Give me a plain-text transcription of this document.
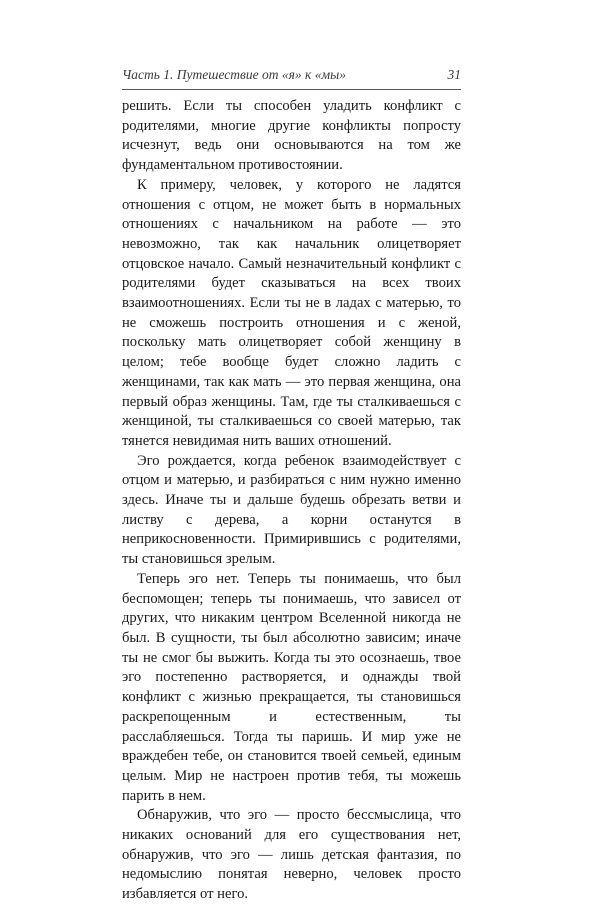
Часть 1. Путешествие от «я» к «мы»	31

решить. Если ты способен уладить конфликт с родителями, многие другие конфликты попросту исчезнут, ведь они основываются на том же фундаментальном противостоянии.

К примеру, человек, у которого не ладятся отношения с отцом, не может быть в нормальных отношениях с начальником на работе — это невозможно, так как начальник олицетворяет отцовское начало. Самый незначительный конфликт с родителями будет сказываться на всех твоих взаимоотношениях. Если ты не в ладах с матерью, то не сможешь построить отношения и с женой, поскольку мать олицетворяет собой женщину в целом; тебе вообще будет сложно ладить с женщинами, так как мать — это первая женщина, она первый образ женщины. Там, где ты сталкиваешься с женщиной, ты сталкиваешься со своей матерью, так тянется невидимая нить ваших отношений.

Эго рождается, когда ребенок взаимодействует с отцом и матерью, и разбираться с ним нужно именно здесь. Иначе ты и дальше будешь обрезать ветви и листву с дерева, а корни останутся в неприкосновенности. Примирившись с родителями, ты становишься зрелым.

Теперь эго нет. Теперь ты понимаешь, что был беспомощен; теперь ты понимаешь, что зависел от других, что никаким центром Вселенной никогда не был. В сущности, ты был абсолютно зависим; иначе ты не смог бы выжить. Когда ты это осознаешь, твое эго постепенно растворяется, и однажды твой конфликт с жизнью прекращается, ты становишься раскрепощенным и естественным, ты расслабляешься. Тогда ты паришь. И мир уже не враждебен тебе, он становится твоей семьей, единым целым. Мир не настроен против тебя, ты можешь парить в нем.

Обнаружив, что эго — просто бессмыслица, что никаких оснований для его существования нет, обнаружив, что эго — лишь детская фантазия, по недомыслию понятая неверно, человек просто избавляется от него.
